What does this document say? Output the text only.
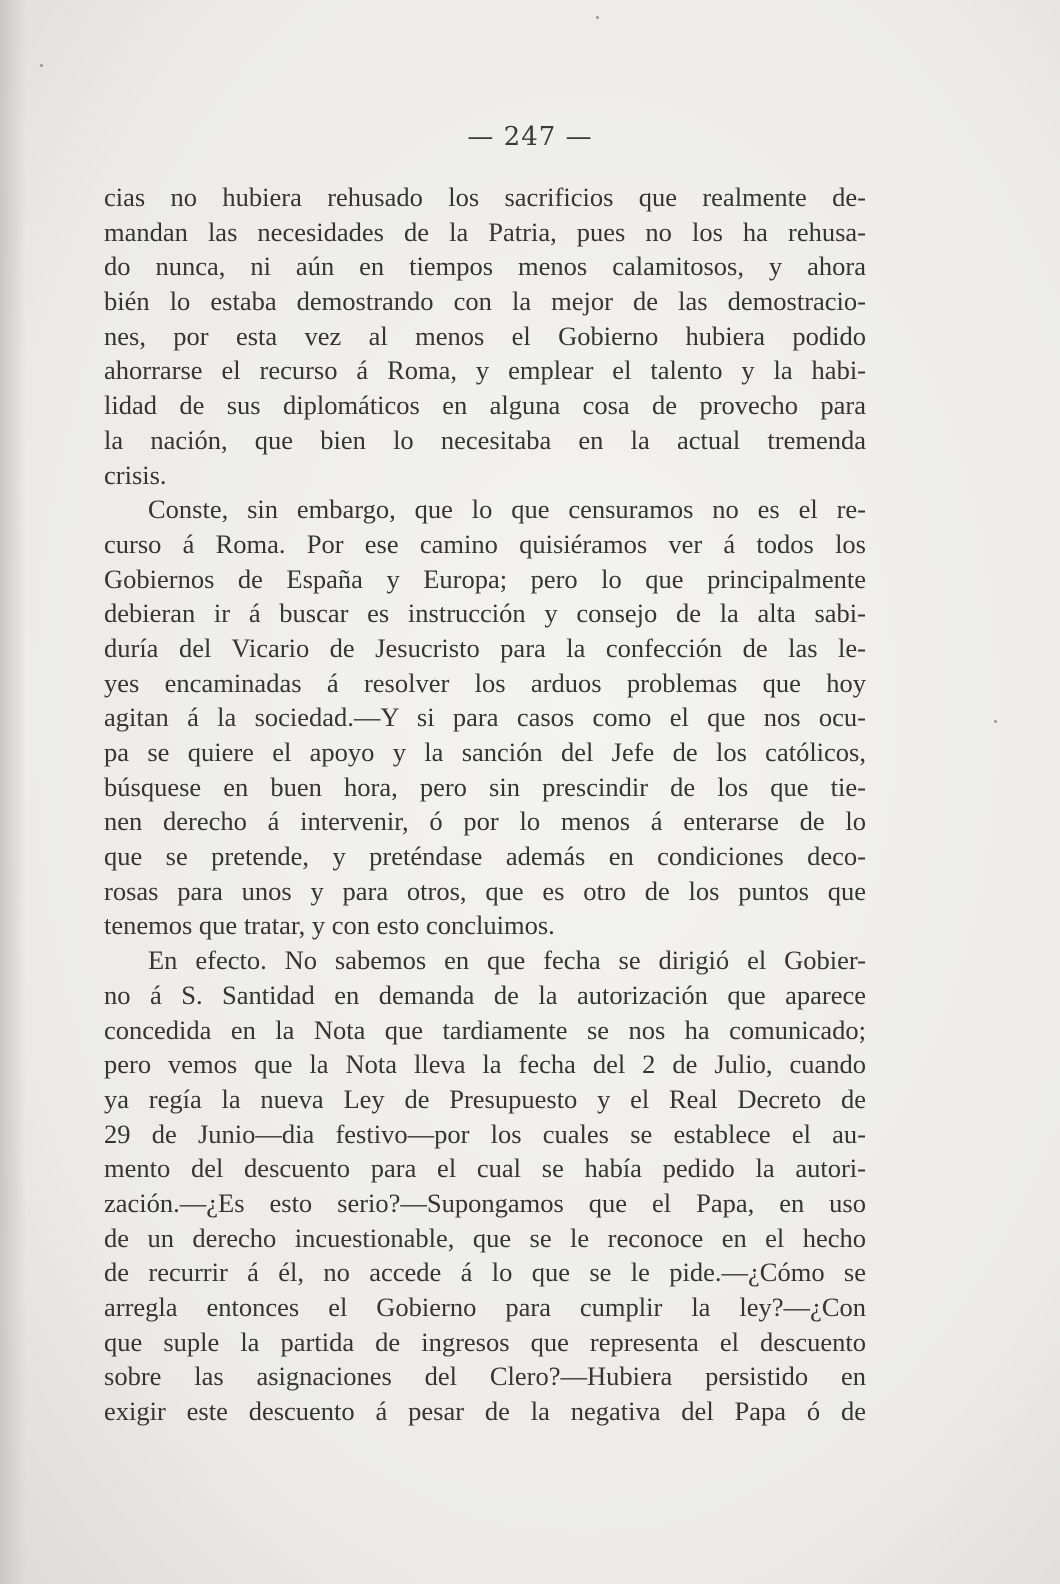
— 247 —
cias no hubiera rehusado los sacrificios que realmente de-
mandan las necesidades de la Patria, pues no los ha rehusa-
do nunca, ni aún en tiempos menos calamitosos, y ahora
bién lo estaba demostrando con la mejor de las demostracio-
nes, por esta vez al menos el Gobierno hubiera podido
ahorrarse el recurso á Roma, y emplear el talento y la habi-
lidad de sus diplomáticos en alguna cosa de provecho para
la nación, que bien lo necesitaba en la actual tremenda
crisis.
Conste, sin embargo, que lo que censuramos no es el re-
curso á Roma. Por ese camino quisiéramos ver á todos los
Gobiernos de España y Europa; pero lo que principalmente
debieran ir á buscar es instrucción y consejo de la alta sabi-
duría del Vicario de Jesucristo para la confección de las le-
yes encaminadas á resolver los arduos problemas que hoy
agitan á la sociedad.—Y si para casos como el que nos ocu-
pa se quiere el apoyo y la sanción del Jefe de los católicos,
búsquese en buen hora, pero sin prescindir de los que tie-
nen derecho á intervenir, ó por lo menos á enterarse de lo
que se pretende, y preténdase además en condiciones deco-
rosas para unos y para otros, que es otro de los puntos que
tenemos que tratar, y con esto concluimos.
En efecto. No sabemos en que fecha se dirigió el Gobier-
no á S. Santidad en demanda de la autorización que aparece
concedida en la Nota que tardiamente se nos ha comunicado;
pero vemos que la Nota lleva la fecha del 2 de Julio, cuando
ya regía la nueva Ley de Presupuesto y el Real Decreto de
29 de Junio—dia festivo—por los cuales se establece el au-
mento del descuento para el cual se había pedido la autori-
zación.—¿Es esto serio?—Supongamos que el Papa, en uso
de un derecho incuestionable, que se le reconoce en el hecho
de recurrir á él, no accede á lo que se le pide.—¿Cómo se
arregla entonces el Gobierno para cumplir la ley?—¿Con
que suple la partida de ingresos que representa el descuento
sobre las asignaciones del Clero?—Hubiera persistido en
exigir este descuento á pesar de la negativa del Papa ó de
